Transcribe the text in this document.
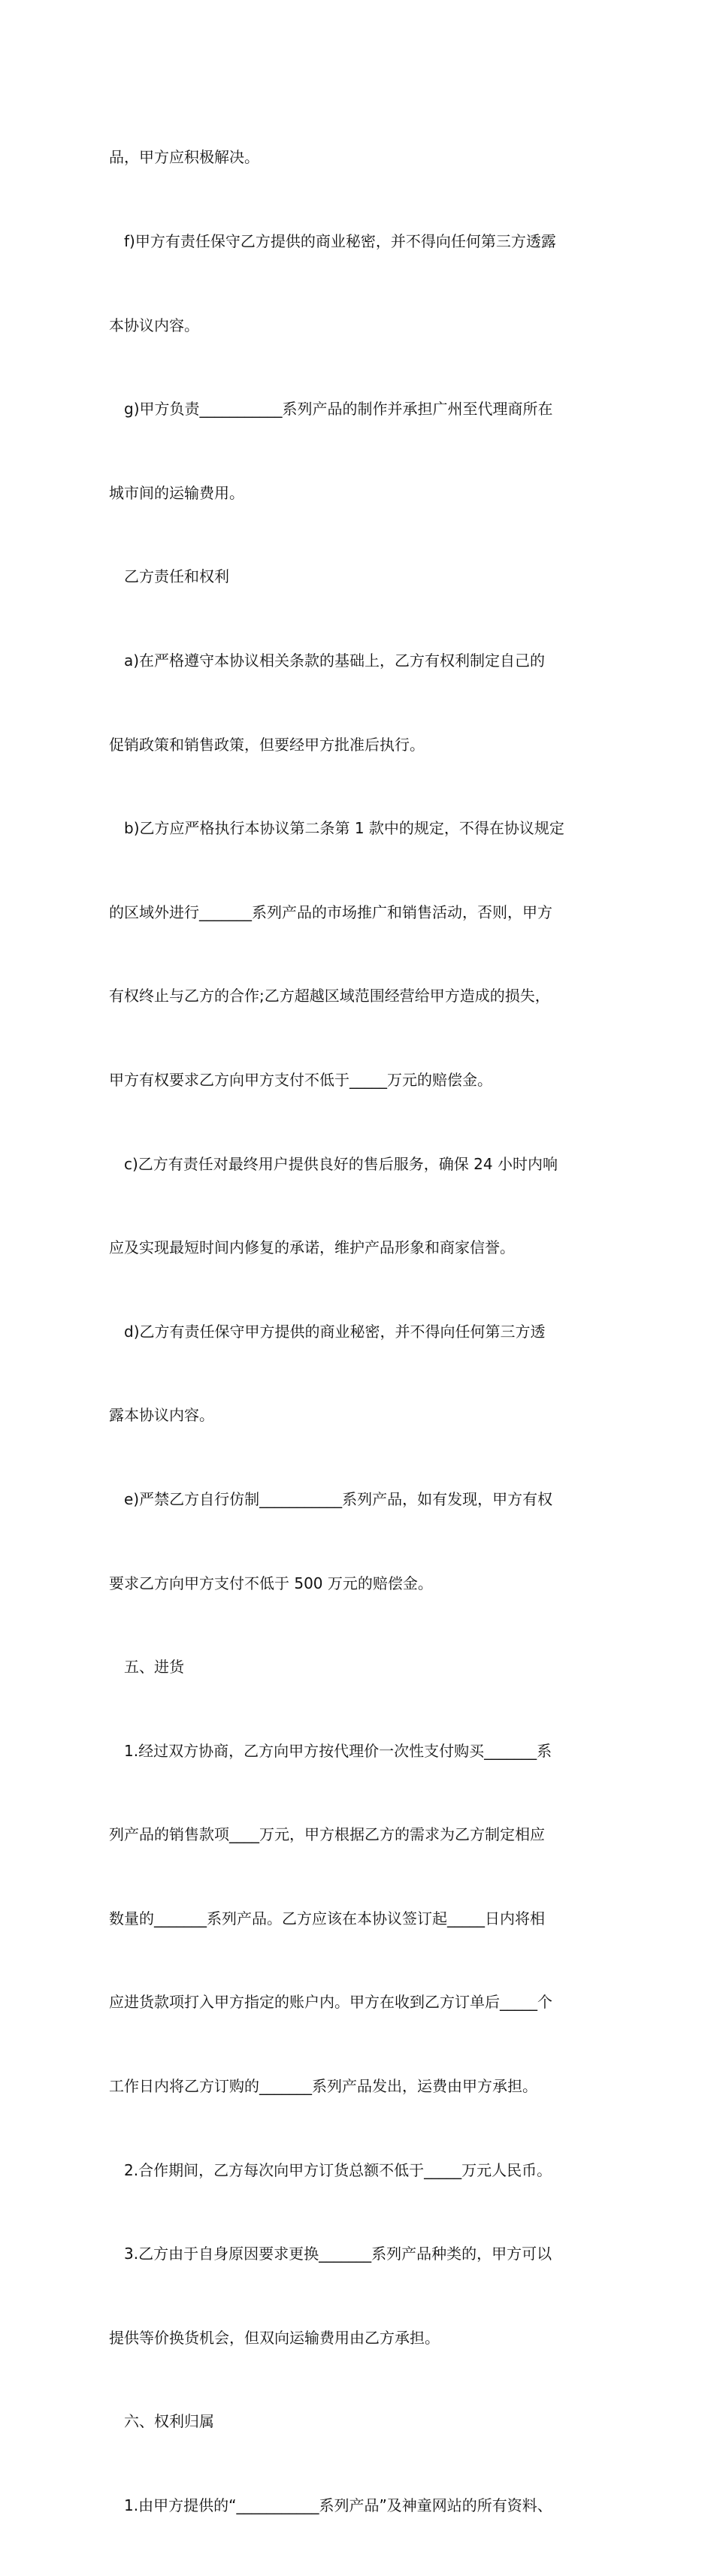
品，甲方应积极解决。

f)甲方有责任保守乙方提供的商业秘密，并不得向任何第三方透露

本协议内容。

g)甲方负责___________系列产品的制作并承担广州至代理商所在

城市间的运输费用。

乙方责任和权利

a)在严格遵守本协议相关条款的基础上，乙方有权利制定自己的

促销政策和销售政策，但要经甲方批准后执行。

b)乙方应严格执行本协议第二条第 1 款中的规定，不得在协议规定

的区域外进行_______系列产品的市场推广和销售活动，否则，甲方

有权终止与乙方的合作;乙方超越区域范围经营给甲方造成的损失，

甲方有权要求乙方向甲方支付不低于_____万元的赔偿金。

c)乙方有责任对最终用户提供良好的售后服务，确保 24 小时内响

应及实现最短时间内修复的承诺，维护产品形象和商家信誉。

d)乙方有责任保守甲方提供的商业秘密，并不得向任何第三方透

露本协议内容。

e)严禁乙方自行仿制___________系列产品，如有发现，甲方有权

要求乙方向甲方支付不低于 500 万元的赔偿金。

五、进货

1.经过双方协商，乙方向甲方按代理价一次性支付购买_______系

列产品的销售款项____万元，甲方根据乙方的需求为乙方制定相应

数量的_______系列产品。乙方应该在本协议签订起_____日内将相

应进货款项打入甲方指定的账户内。甲方在收到乙方订单后_____个

工作日内将乙方订购的_______系列产品发出，运费由甲方承担。

2.合作期间，乙方每次向甲方订货总额不低于_____万元人民币。

3.乙方由于自身原因要求更换_______系列产品种类的，甲方可以

提供等价换货机会，但双向运输费用由乙方承担。

六、权利归属

1.由甲方提供的“___________系列产品”及神童网站的所有资料、
